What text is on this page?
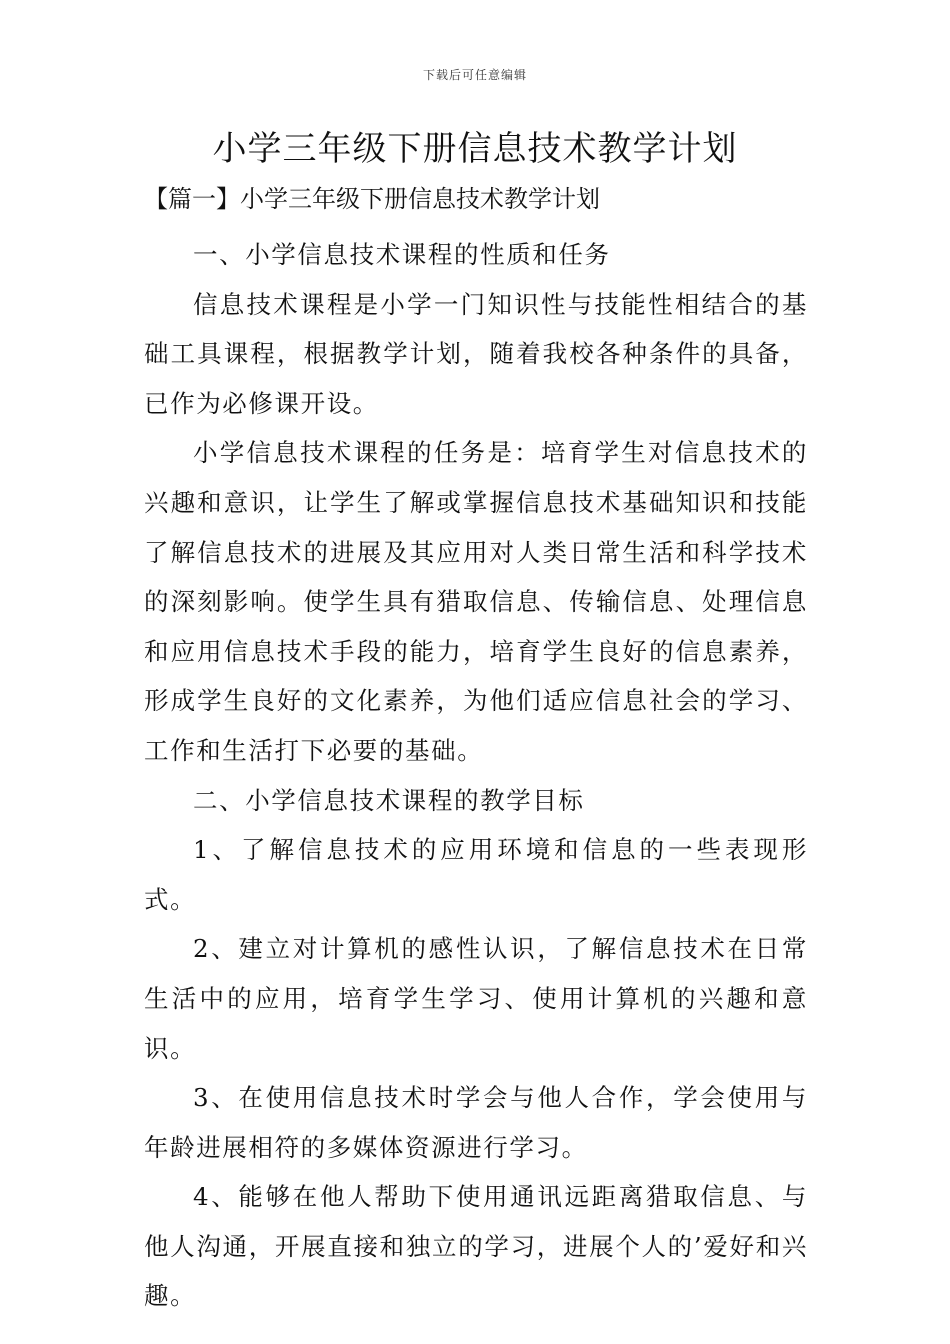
下载后可任意编辑
小学三年级下册信息技术教学计划
【篇一】小学三年级下册信息技术教学计划

一、小学信息技术课程的性质和任务

信息技术课程是小学一门知识性与技能性相结合的基础工具课程，根据教学计划，随着我校各种条件的具备，已作为必修课开设。

小学信息技术课程的任务是：培育学生对信息技术的兴趣和意识，让学生了解或掌握信息技术基础知识和技能了解信息技术的进展及其应用对人类日常生活和科学技术的深刻影响。使学生具有猎取信息、传输信息、处理信息和应用信息技术手段的能力，培育学生良好的信息素养，形成学生良好的文化素养，为他们适应信息社会的学习、工作和生活打下必要的基础。

二、小学信息技术课程的教学目标

1、了解信息技术的应用环境和信息的一些表现形式。

2、建立对计算机的感性认识，了解信息技术在日常生活中的应用，培育学生学习、使用计算机的兴趣和意识。

3、在使用信息技术时学会与他人合作，学会使用与年龄进展相符的多媒体资源进行学习。

4、能够在他人帮助下使用通讯远距离猎取信息、与他人沟通，开展直接和独立的学习，进展个人的’爱好和兴趣。
